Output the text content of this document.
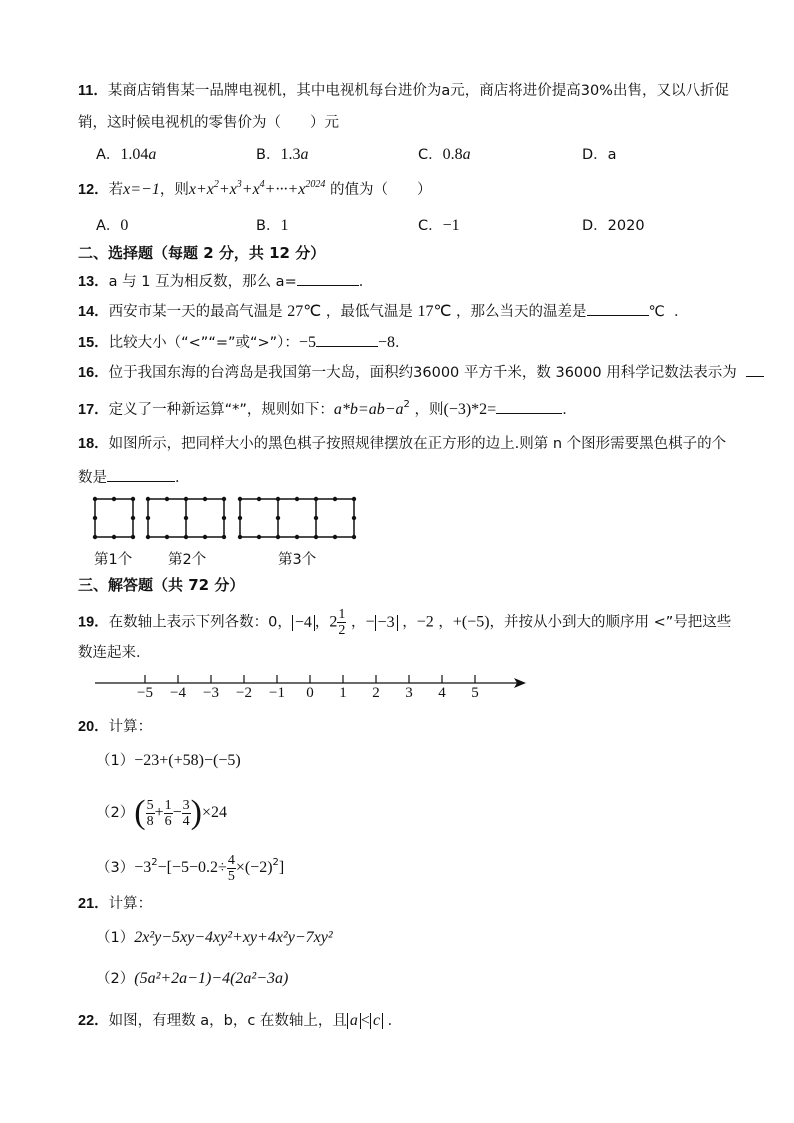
11．某商店销售某一品牌电视机，其中电视机每台进价为a元，商店将进价提高30%出售，又以八折促
销，这时候电视机的零售价为（　　）元
A．1.04a	B．1.3a	C．0.8a	D．a
12．若x=−1，则$x+x^2+x^3+x^4+\cdot\cdot\cdot+x^{2024}$ 的值为（　　）
A．0	B．1	C．−1	D．2020
二、选择题（每题 2 分，共 12 分）
13．a 与 1 互为相反数，那么 a=	．
14．西安市某一天的最高气温是 27℃ ，最低气温是 17℃ ，那么当天的温差是	℃ ．
15．比较大小（“<”“=”或“>”）：−5	−8．
16．位于我国东海的台湾岛是我国第一大岛，面积约36000 平方千米，数 36000 用科学记数法表示为
17．定义了一种新运算“*”，规则如下：$a*b=ab-a^2$ ，则(−3)*2=	．
18．如图所示，把同样大小的黑色棋子按照规律摆放在正方形的边上.则第 n 个图形需要黑色棋子的个
数是	．
第1个 第2个	第3个
三、解答题（共 72 分）
19．在数轴上表示下列各数：0， −4 ，$2 \frac{1}{2}$ ，− −3 ，−2 ，+(−5)，并按从小到大的顺序用 <”号把这些
数连起来．
−5 −4 −3 −2 −1 0 1 2 3 4 5
20．计算：
（1）−23+(+58)−(−5)
$(2)( \frac{5}{8} + \frac{1}{6} - \frac{3}{4} )\times 24$
$(3)-3^2-[-5-0.2\div \frac{4}{5} \times(-2)^2]$
21．计算：
（1）2x²y−5xy−4xy²+xy+4x²y−7xy²
（2）(5a²+2a−1)−4(2a²−3a)
22．如图，有理数 a，b，c 在数轴上，且 a < c ．
